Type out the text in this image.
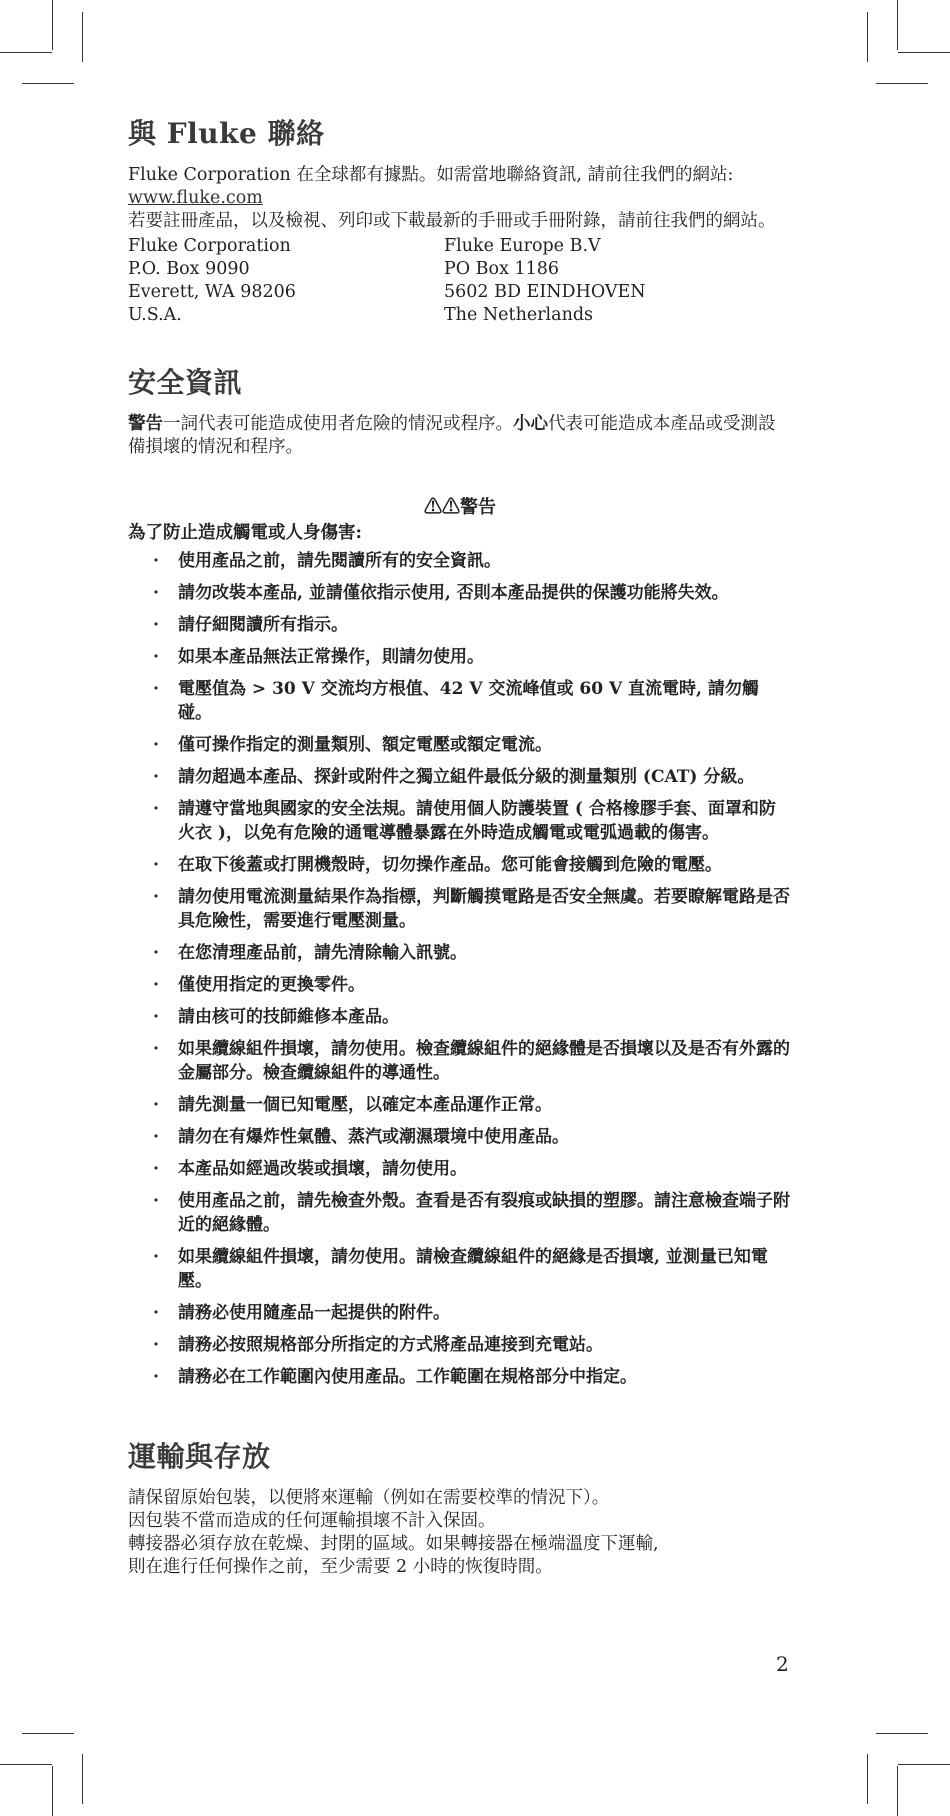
與 Fluke 聯絡

Fluke Corporation 在全球都有據點。如需當地聯絡資訊, 請前往我們的網站:

www.fluke.com

若要註冊產品，以及檢視、列印或下載最新的手冊或手冊附錄，請前往我們的網站。

Fluke Corporation
P.O. Box 9090
Everett, WA 98206
U.S.A.
Fluke Europe B.V
PO Box 1186
5602 BD EINDHOVEN
The Netherlands
安全資訊

警告一詞代表可能造成使用者危險的情況或程序。小心代表可能造成本產品或受測設備損壞的情況和程序。

⚠⚠警告
為了防止造成觸電或人身傷害:
· 使用產品之前，請先閱讀所有的安全資訊。
· 請勿改裝本產品, 並請僅依指示使用, 否則本產品提供的保護功能將失效。
· 請仔細閱讀所有指示。
· 如果本產品無法正常操作，則請勿使用。
· 電壓值為 > 30 V 交流均方根值、42 V 交流峰值或 60 V 直流電時, 請勿觸碰。
· 僅可操作指定的測量類別、額定電壓或額定電流。
· 請勿超過本產品、探針或附件之獨立組件最低分級的測量類別 (CAT) 分級。
· 請遵守當地與國家的安全法規。請使用個人防護裝置 ( 合格橡膠手套、面罩和防火衣 )，以免有危險的通電導體暴露在外時造成觸電或電弧過載的傷害。
· 在取下後蓋或打開機殼時，切勿操作產品。您可能會接觸到危險的電壓。
· 請勿使用電流測量結果作為指標，判斷觸摸電路是否安全無虞。若要瞭解電路是否具危險性，需要進行電壓測量。
· 在您清理產品前，請先清除輸入訊號。
· 僅使用指定的更換零件。
· 請由核可的技師維修本產品。
· 如果纜線組件損壞，請勿使用。檢查纜線組件的絕緣體是否損壞以及是否有外露的金屬部分。檢查纜線組件的導通性。
· 請先測量一個已知電壓，以確定本產品運作正常。
· 請勿在有爆炸性氣體、蒸汽或潮濕環境中使用產品。
· 本產品如經過改裝或損壞，請勿使用。
· 使用產品之前，請先檢查外殼。查看是否有裂痕或缺損的塑膠。請注意檢查端子附近的絕緣體。
· 如果纜線組件損壞，請勿使用。請檢查纜線組件的絕緣是否損壞, 並測量已知電壓。
· 請務必使用隨產品一起提供的附件。
· 請務必按照規格部分所指定的方式將產品連接到充電站。
· 請務必在工作範圍內使用產品。工作範圍在規格部分中指定。
運輸與存放

請保留原始包裝，以便將來運輸（例如在需要校準的情況下）。

因包裝不當而造成的任何運輸損壞不計入保固。

轉接器必須存放在乾燥、封閉的區域。如果轉接器在極端溫度下運輸,

則在進行任何操作之前，至少需要 2 小時的恢復時間。

2
